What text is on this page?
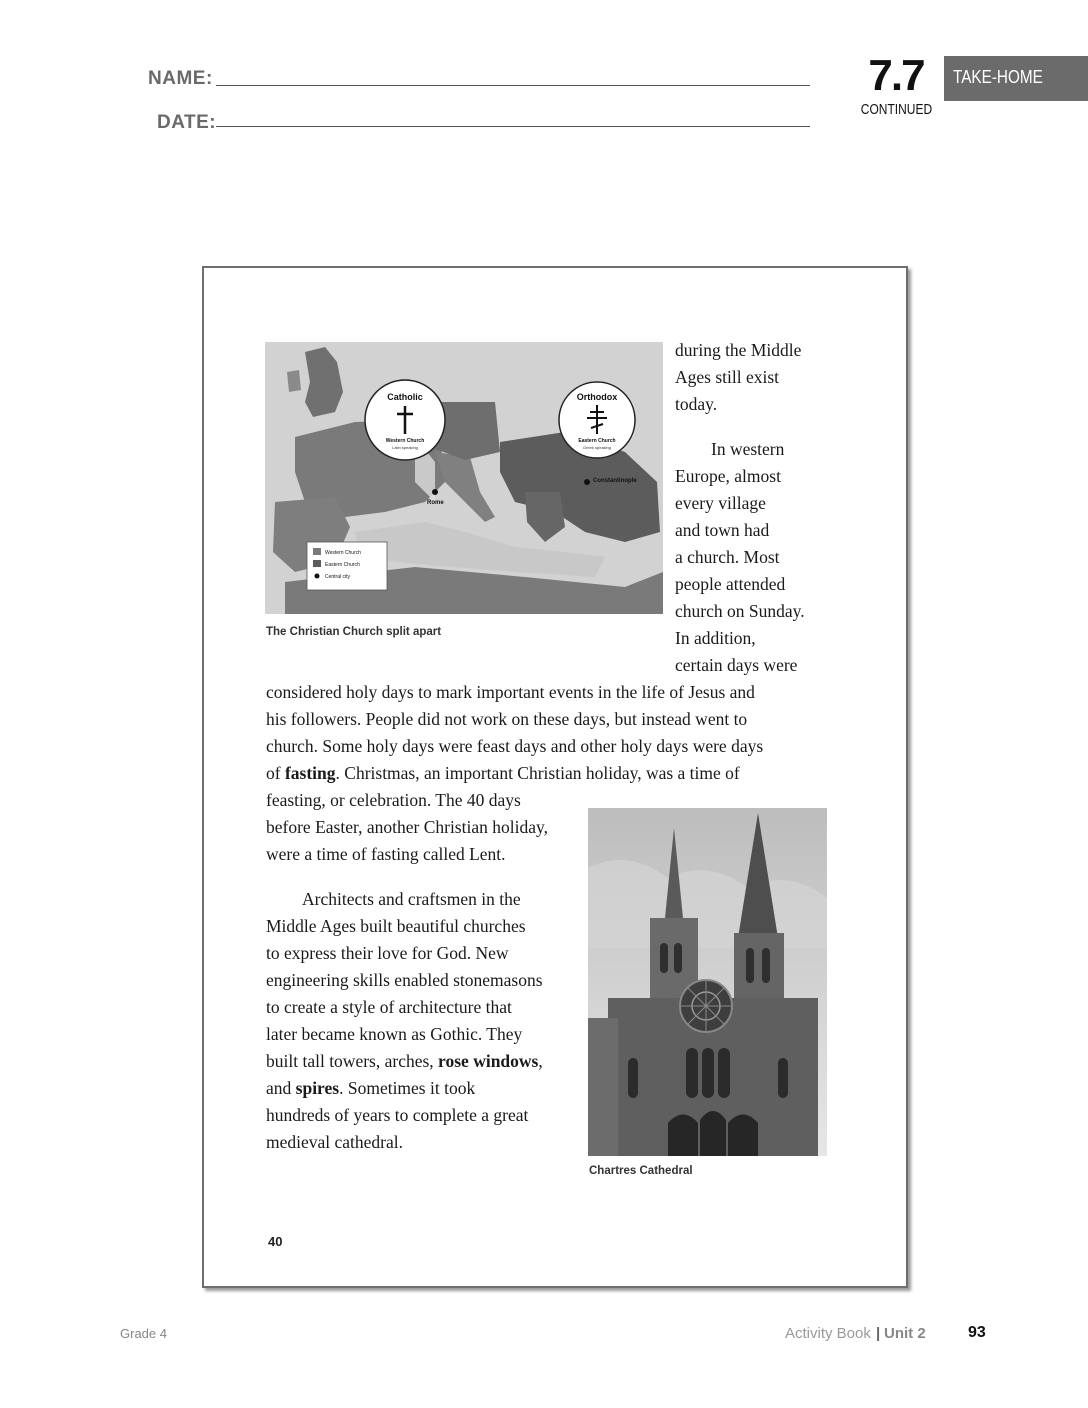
NAME:
DATE:
7.7
CONTINUED
TAKE-HOME
Catholic
Western Church
Latin speaking
Orthodox
Eastern Church
Greek speaking
Rome
Constantinople
Western Church
Eastern Church
Central city
The Christian Church split apart
during the Middle
Ages still exist
today.
In western
Europe, almost
every village
and town had
a church. Most
people attended
church on Sunday.
In addition,
certain days were
considered holy days to mark important events in the life of Jesus and
his followers. People did not work on these days, but instead went to
church. Some holy days were feast days and other holy days were days
of fasting. Christmas, an important Christian holiday, was a time of
feasting, or celebration. The 40 days
before Easter, another Christian holiday,
were a time of fasting called Lent.
Architects and craftsmen in the
Middle Ages built beautiful churches
to express their love for God. New
engineering skills enabled stonemasons
to create a style of architecture that
later became known as Gothic. They
built tall towers, arches, rose windows,
and spires. Sometimes it took
hundreds of years to complete a great
medieval cathedral.
Chartres Cathedral
40
Grade 4	Activity Book | Unit 2	93
